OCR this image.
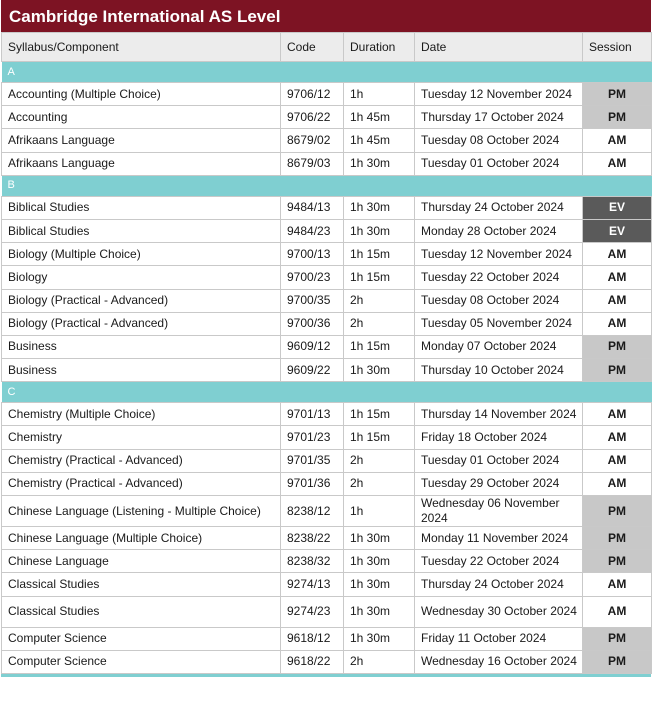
Cambridge International AS Level
Syllabus/Component	Code	Duration	Date	Session
A				
Accounting (Multiple Choice)	9706/12	1h	Tuesday 12 November 2024	PM
Accounting	9706/22	1h 45m	Thursday 17 October 2024	PM
Afrikaans Language	8679/02	1h 45m	Tuesday 08 October 2024	AM
Afrikaans Language	8679/03	1h 30m	Tuesday 01 October 2024	AM
B				
Biblical Studies	9484/13	1h 30m	Thursday 24 October 2024	EV
Biblical Studies	9484/23	1h 30m	Monday 28 October 2024	EV
Biology (Multiple Choice)	9700/13	1h 15m	Tuesday 12 November 2024	AM
Biology	9700/23	1h 15m	Tuesday 22 October 2024	AM
Biology (Practical - Advanced)	9700/35	2h	Tuesday 08 October 2024	AM
Biology (Practical - Advanced)	9700/36	2h	Tuesday 05 November 2024	AM
Business	9609/12	1h 15m	Monday 07 October 2024	PM
Business	9609/22	1h 30m	Thursday 10 October 2024	PM
C				
Chemistry (Multiple Choice)	9701/13	1h 15m	Thursday 14 November 2024	AM
Chemistry	9701/23	1h 15m	Friday 18 October 2024	AM
Chemistry (Practical - Advanced)	9701/35	2h	Tuesday 01 October 2024	AM
Chemistry (Practical - Advanced)	9701/36	2h	Tuesday 29 October 2024	AM
Chinese Language (Listening - Multiple Choice)	8238/12	1h	Wednesday 06 November 2024	PM
Chinese Language (Multiple Choice)	8238/22	1h 30m	Monday 11 November 2024	PM
Chinese Language	8238/32	1h 30m	Tuesday 22 October 2024	PM
Classical Studies	9274/13	1h 30m	Thursday 24 October 2024	AM
Classical Studies	9274/23	1h 30m	Wednesday 30 October 2024	AM
Computer Science	9618/12	1h 30m	Friday 11 October 2024	PM
Computer Science	9618/22	2h	Wednesday 16 October 2024	PM
